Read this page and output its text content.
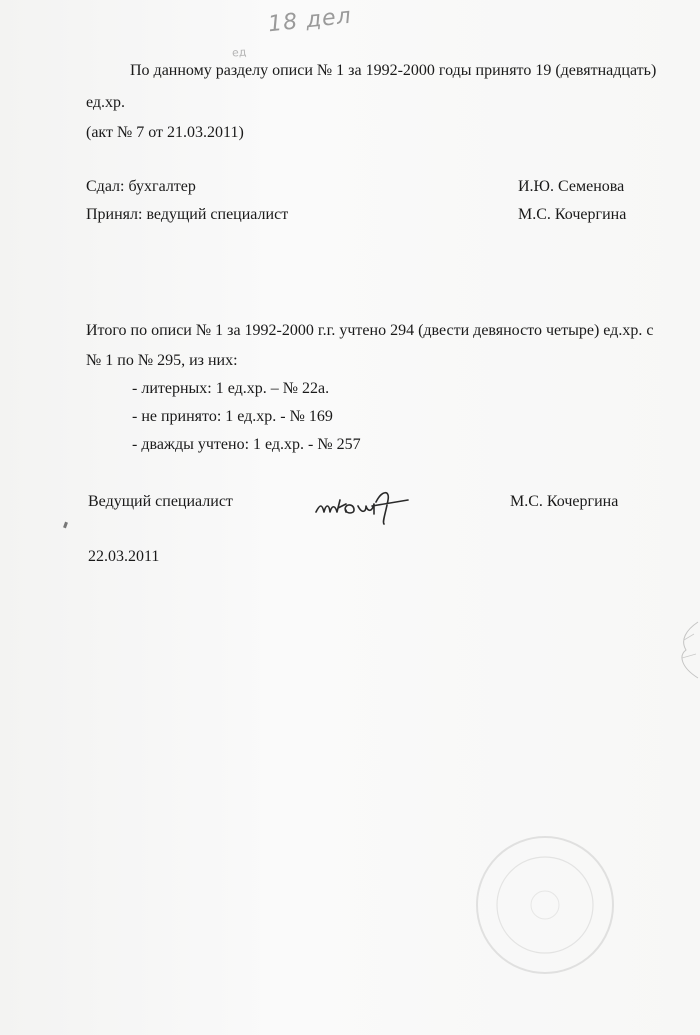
18 дел
ед
По данному разделу описи № 1 за 1992-2000 годы принято 19 (девятнадцать)
ед.хр.
(акт № 7 от 21.03.2011)
Сдал: бухгалтер	И.Ю. Семенова
Принял: ведущий специалист	М.С. Кочергина
Итого по описи № 1 за 1992-2000 г.г. учтено 294 (двести девяносто четыре) ед.хр. с
№ 1 по № 295, из них:
- литерных: 1 ед.хр. – № 22а.
- не принято: 1 ед.хр. - № 169
- дважды учтено: 1 ед.хр. - № 257
Ведущий специалист	М.С. Кочергина
22.03.2011
